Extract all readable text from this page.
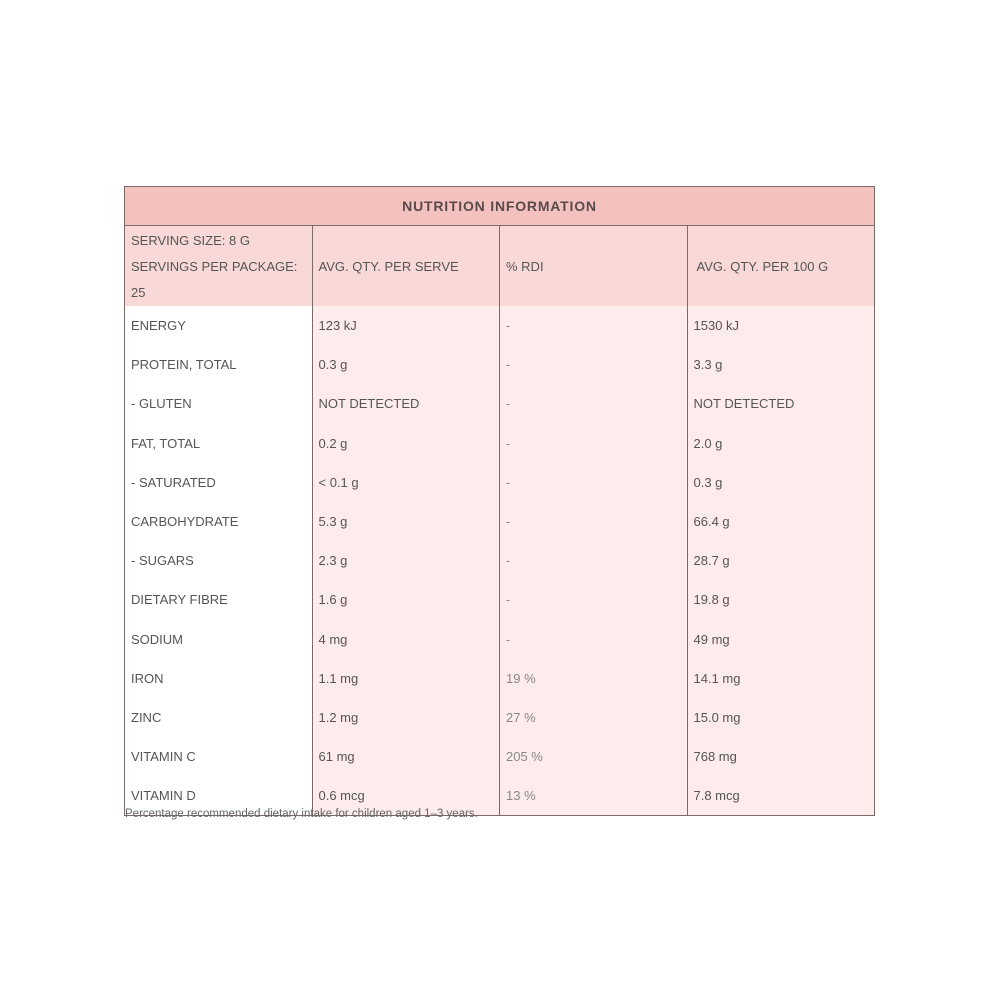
NUTRITION INFORMATION			

SERVING SIZE: 8 G
SERVINGS PER PACKAGE: 25	AVG. QTY. PER SERVE	% RDI	AVG. QTY. PER 100 G
ENERGY	123 kJ	-	1530 kJ
PROTEIN, TOTAL	0.3 g	-	3.3 g
- GLUTEN	NOT DETECTED	-	NOT DETECTED
FAT, TOTAL	0.2 g	-	2.0 g
- SATURATED	< 0.1 g	-	0.3 g
CARBOHYDRATE	5.3 g	-	66.4 g
- SUGARS	2.3 g	-	28.7 g
DIETARY FIBRE	1.6 g	-	19.8 g
SODIUM	4 mg	-	49 mg
IRON	1.1 mg	19 %	14.1 mg
ZINC	1.2 mg	27 %	15.0 mg
VITAMIN C	61 mg	205 %	768 mg
VITAMIN D	0.6 mcg	13 %	7.8 mcg
Percentage recommended dietary intake for children aged 1–3 years.
